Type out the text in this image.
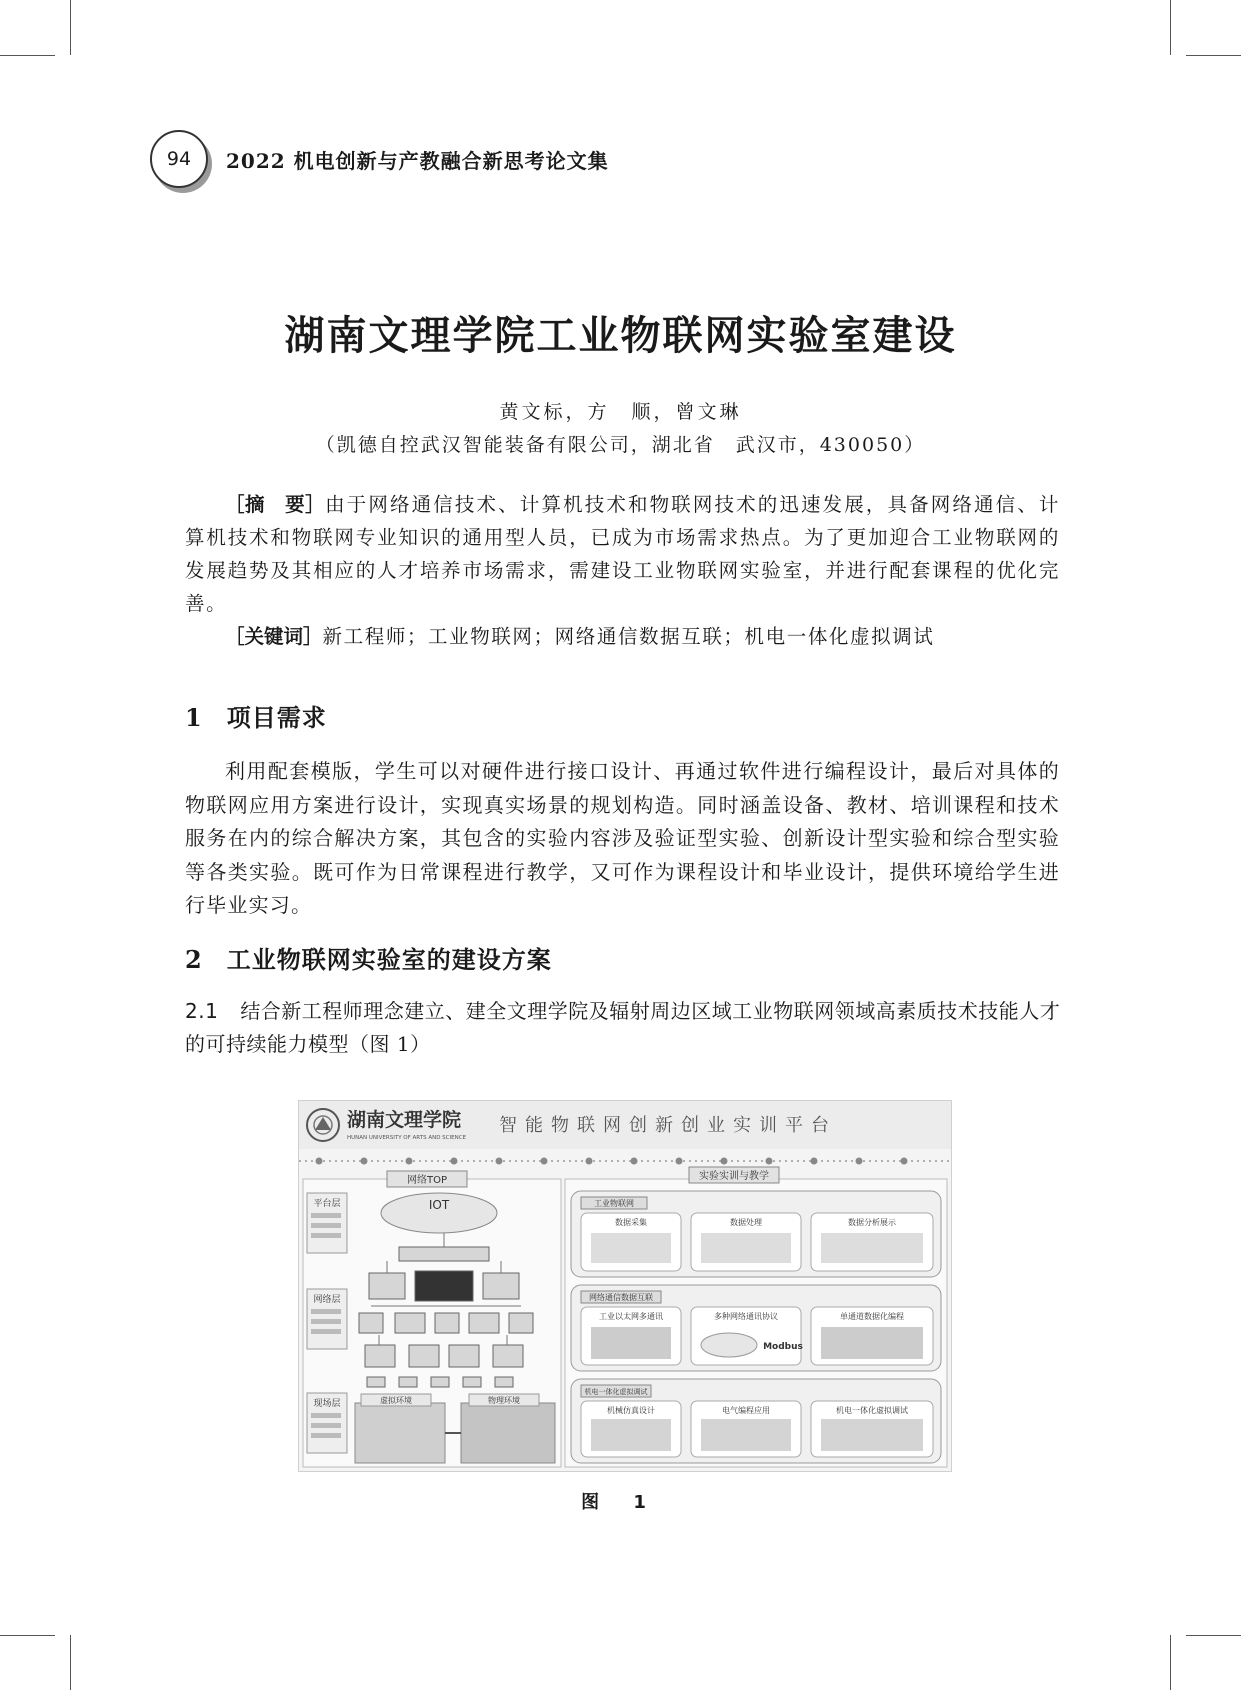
94	2022 机电创新与产教融合新思考论文集
湖南文理学院工业物联网实验室建设
黄文标，方　顺，曾文琳
（凯德自控武汉智能装备有限公司，湖北省　武汉市，430050）
［摘　要］由于网络通信技术、计算机技术和物联网技术的迅速发展，具备网络通信、计算机技术和物联网专业知识的通用型人员，已成为市场需求热点。为了更加迎合工业物联网的发展趋势及其相应的人才培养市场需求，需建设工业物联网实验室，并进行配套课程的优化完善。
［关键词］新工程师；工业物联网；网络通信数据互联；机电一体化虚拟调试
1 项目需求
利用配套模版，学生可以对硬件进行接口设计、再通过软件进行编程设计，最后对具体的物联网应用方案进行设计，实现真实场景的规划构造。同时涵盖设备、教材、培训课程和技术服务在内的综合解决方案，其包含的实验内容涉及验证型实验、创新设计型实验和综合型实验等各类实验。既可作为日常课程进行教学，又可作为课程设计和毕业设计，提供环境给学生进行毕业实习。
2 工业物联网实验室的建设方案
2.1 结合新工程师理念建立、建全文理学院及辐射周边区域工业物联网领域高素质技术技能人才的可持续能力模型（图 1）
湖南文理学院
HUNAN UNIVERSITY OF ARTS AND SCIENCE
智能物联网创新创业实训平台
网络TOP
IOT
平台层
网络层
现场层	虚拟环境	物理环境
实验实训与教学
工业物联网
数据采集	数据处理	数据分析展示
网络通信数据互联
工业以太网多通讯	多种网络通讯协议	单通道数据化编程
Modbus
机电一体化虚拟调试
机械仿真设计	电气编程应用	机电一体化虚拟调试
图 1
